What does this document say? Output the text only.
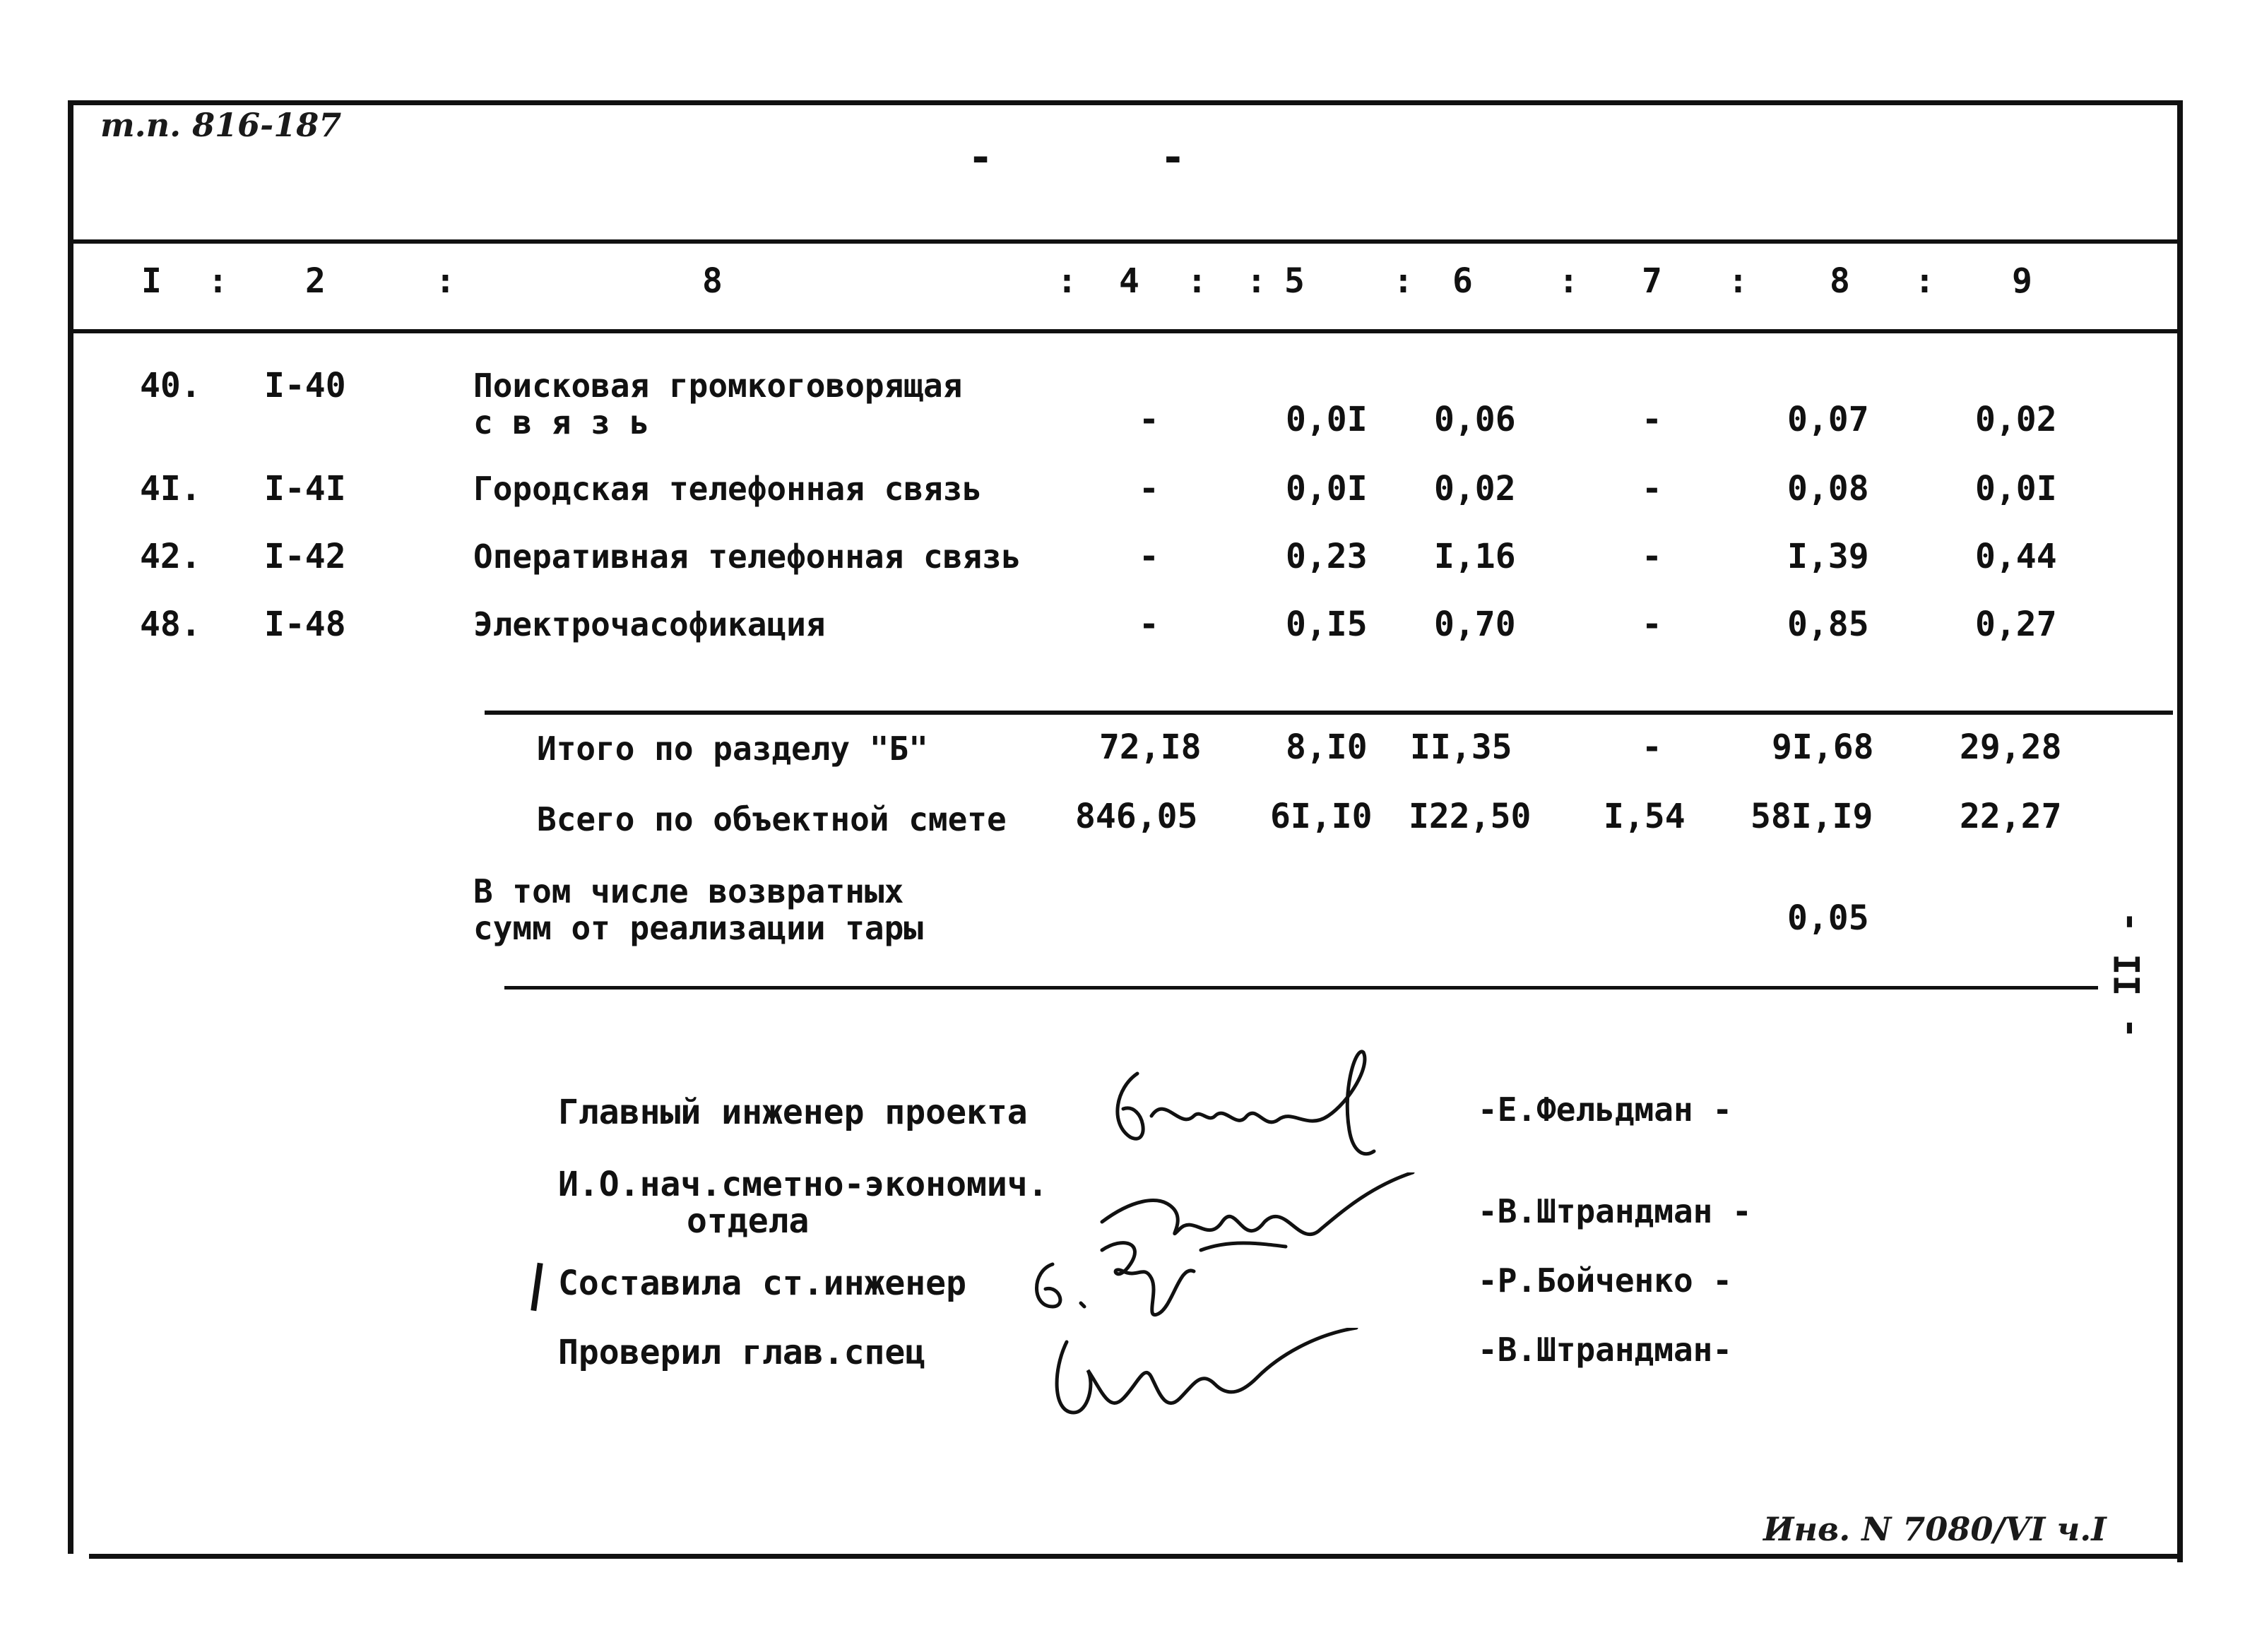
т.п. 816-187
- -
- II -
I : 2	:	8	: 4 : : 5	: 6	: 7 : 8 : 9
40. I-40	Поисковая громкоговорящая
с в я з ь	-	0,0I 0,06	-	0,07	0,02
4I. I-4I	Городская телефонная связь	-	0,0I 0,02	-	0,08	0,0I
42. I-42	Оперативная телефонная связь	-	0,23 I,16	-	I,39	0,44
48. I-48	Электрочасофикация	-	0,I5 0,70	-	0,85	0,27
Итого по разделу "Б"	72,I8 8,I0 II,35	-	9I,68	29,28
Всего по объектной смете 846,05 6I,I0 I22,50 I,54 58I,I9	22,27
В том числе возвратных
сумм от реализации тары	0,05
Главный инженер проекта	-Е.Фельдман -
И.О.нач.сметно-экономич.
отдела	-В.Штрандман -
Составила ст.инженер	-Р.Бойченко -
Проверил глав.спец	-В.Штрандман-
Инв. N 7080/VI ч.I
